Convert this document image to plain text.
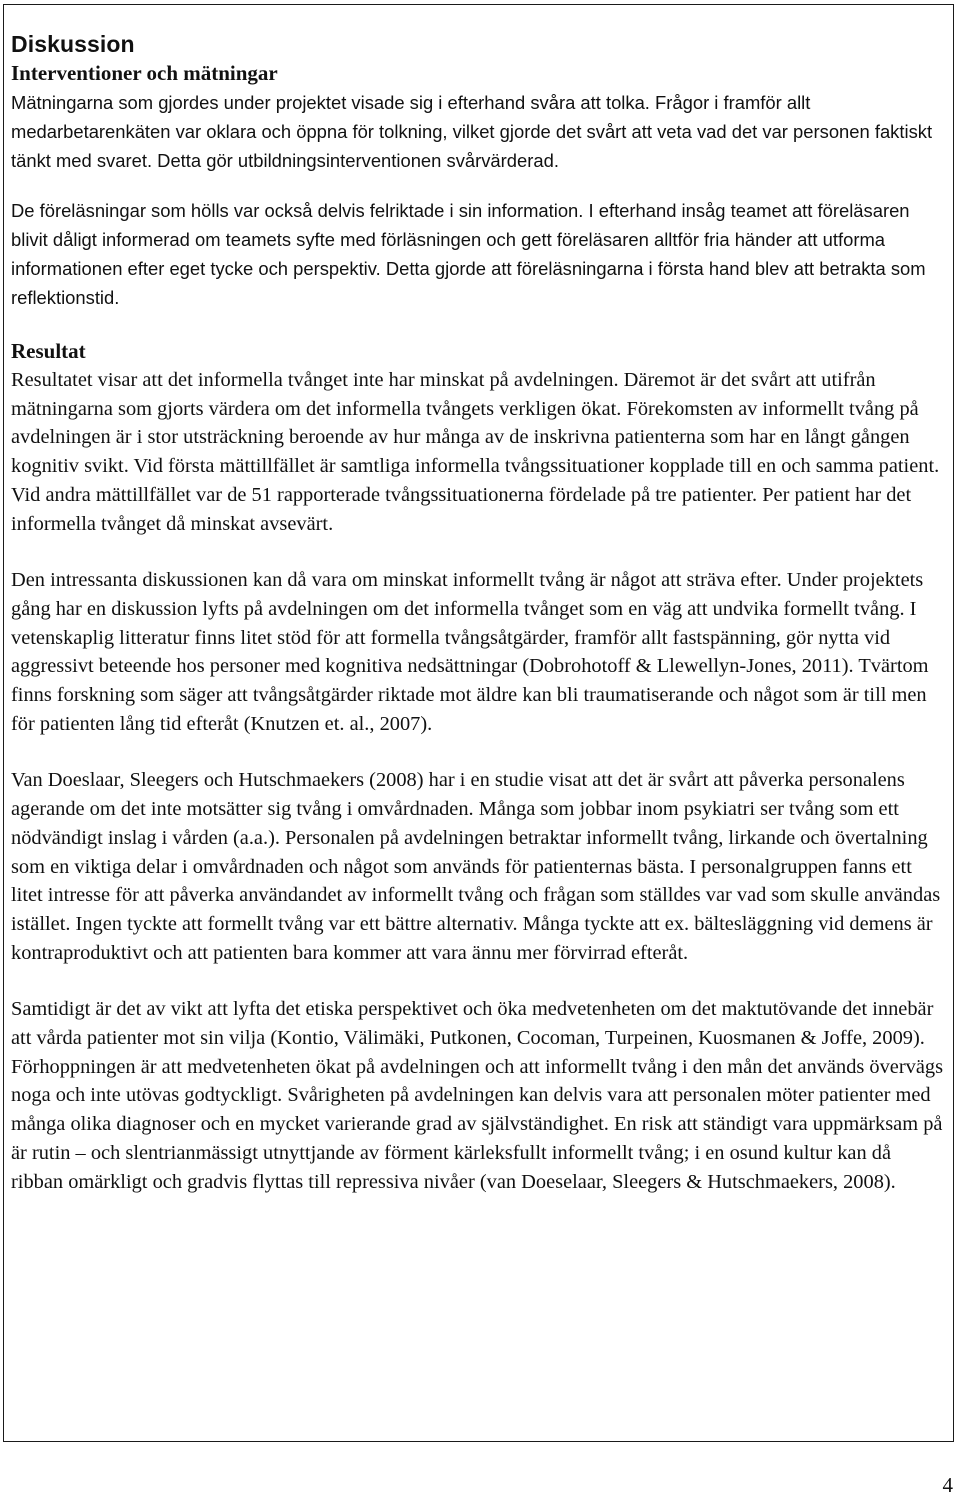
Diskussion
Interventioner och mätningar

Mätningarna som gjordes under projektet visade sig i efterhand svåra att tolka. Frågor i framför allt medarbetarenkäten var oklara och öppna för tolkning, vilket gjorde det svårt att veta vad det var personen faktiskt tänkt med svaret. Detta gör utbildningsinterventionen svårvärderad.

De föreläsningar som hölls var också delvis felriktade i sin information. I efterhand insåg teamet att föreläsaren blivit dåligt informerad om teamets syfte med förläsningen och gett föreläsaren alltför fria händer att utforma informationen efter eget tycke och perspektiv. Detta gjorde att föreläsningarna i första hand blev att betrakta som reflektionstid.

Resultat

Resultatet visar att det informella tvånget inte har minskat på avdelningen. Däremot är det svårt att utifrån mätningarna som gjorts värdera om det informella tvångets verkligen ökat. Förekomsten av informellt tvång på avdelningen är i stor utsträckning beroende av hur många av de inskrivna patienterna som har en långt gången kognitiv svikt. Vid första mättillfället är samtliga informella tvångssituationer kopplade till en och samma patient. Vid andra mättillfället var de 51 rapporterade tvångssituationerna fördelade på tre patienter. Per patient har det informella tvånget då minskat avsevärt.

Den intressanta diskussionen kan då vara om minskat informellt tvång är något att sträva efter. Under projektets gång har en diskussion lyfts på avdelningen om det informella tvånget som en väg att undvika formellt tvång. I vetenskaplig litteratur finns litet stöd för att formella tvångsåtgärder, framför allt fastspänning, gör nytta vid aggressivt beteende hos personer med kognitiva nedsättningar (Dobrohotoff & Llewellyn-Jones, 2011). Tvärtom finns forskning som säger att tvångsåtgärder riktade mot äldre kan bli traumatiserande och något som är till men för patienten lång tid efteråt (Knutzen et. al., 2007).

Van Doeslaar, Sleegers och Hutschmaekers (2008) har i en studie visat att det är svårt att påverka personalens agerande om det inte motsätter sig tvång i omvårdnaden. Många som jobbar inom psykiatri ser tvång som ett nödvändigt inslag i vården (a.a.). Personalen på avdelningen betraktar informellt tvång, lirkande och övertalning som en viktiga delar i omvårdnaden och något som används för patienternas bästa. I personalgruppen fanns ett litet intresse för att påverka användandet av informellt tvång och frågan som ställdes var vad som skulle användas istället. Ingen tyckte att formellt tvång var ett bättre alternativ. Många tyckte att ex. bältesläggning vid demens är kontraproduktivt och att patienten bara kommer att vara ännu mer förvirrad efteråt.

Samtidigt är det av vikt att lyfta det etiska perspektivet och öka medvetenheten om det maktutövande det innebär att vårda patienter mot sin vilja (Kontio, Välimäki, Putkonen, Cocoman, Turpeinen, Kuosmanen & Joffe, 2009). Förhoppningen är att medvetenheten ökat på avdelningen och att informellt tvång i den mån det används övervägs noga och inte utövas godtyckligt. Svårigheten på avdelningen kan delvis vara att personalen möter patienter med många olika diagnoser och en mycket varierande grad av självständighet. En risk att ständigt vara uppmärksam på är rutin – och slentrianmässigt utnyttjande av förment kärleksfullt informellt tvång; i en osund kultur kan då ribban omärkligt och gradvis flyttas till repressiva nivåer (van Doeselaar, Sleegers & Hutschmaekers, 2008).

4
